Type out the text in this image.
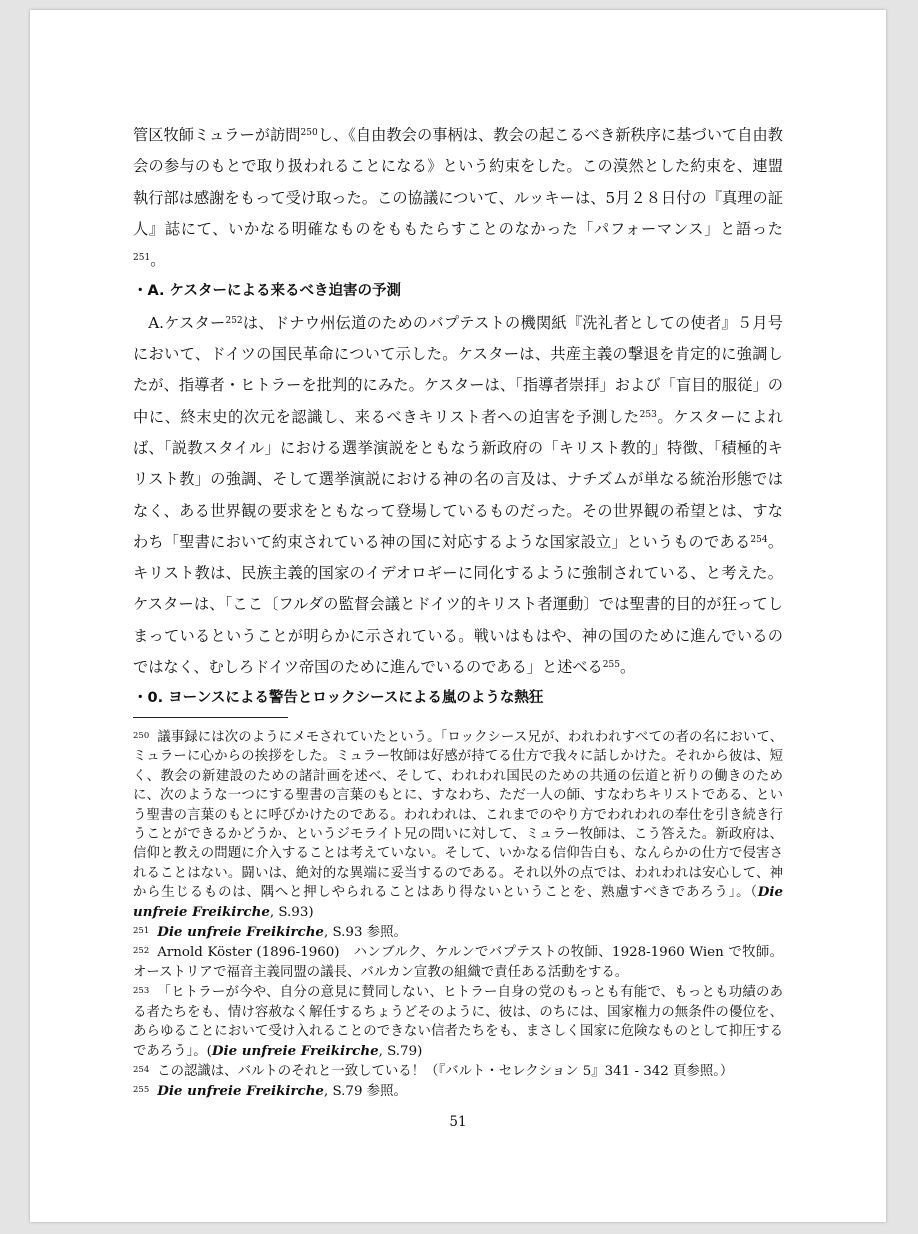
管区牧師ミュラーが訪問$^{250}$し、《自由教会の事柄は、教会の起こるべき新秩序に基づいて自由教会の参与のもとで取り扱われることになる》という約束をした。この漠然とした約束を、連盟執行部は感謝をもって受け取った。この協議について、ルッキーは、5月２８日付の『真理の証人』誌にて、いかなる明確なものをももたらすことのなかった「パフォーマンス」と語った$^{251}$。

・A. ケスターによる来るべき迫害の予測

A.ケスター$^{252}$は、ドナウ州伝道のためのバプテストの機関紙『洗礼者としての使者』５月号において、ドイツの国民革命について示した。ケスターは、共産主義の撃退を肯定的に強調したが、指導者・ヒトラーを批判的にみた。ケスターは、「指導者崇拝」および「盲目的服従」の中に、終末史的次元を認識し、来るべきキリスト者への迫害を予測した$^{253}$。ケスターによれば、「説教スタイル」における選挙演説をともなう新政府の「キリスト教的」特徴、「積極的キリスト教」の強調、そして選挙演説における神の名の言及は、ナチズムが単なる統治形態ではなく、ある世界観の要求をともなって登場しているものだった。その世界観の希望とは、すなわち「聖書において約束されている神の国に対応するような国家設立」というものである$^{254}$。キリスト教は、民族主義的国家のイデオロギーに同化するように強制されている、と考えた。ケスターは、「ここ〔フルダの監督会議とドイツ的キリスト者運動〕では聖書的目的が狂ってしまっているということが明らかに示されている。戦いはもはや、神の国のために進んでいるのではなく、むしろドイツ帝国のために進んでいるのである」と述べる$^{255}$。

・0. ヨーンスによる警告とロックシースによる嵐のような熱狂

$^{250}$ 議事録には次のようにメモされていたという。「ロックシース兄が、われわれすべての者の名において、ミュラーに心からの挨拶をした。ミュラー牧師は好感が持てる仕方で我々に話しかけた。それから彼は、短く、教会の新建設のための諸計画を述べ、そして、われわれ国民のための共通の伝道と祈りの働きのために、次のような一つにする聖書の言葉のもとに、すなわち、ただ一人の師、すなわちキリストである、という聖書の言葉のもとに呼びかけたのである。われわれは、これまでのやり方でわれわれの奉仕を引き続き行うことができるかどうか、というジモライト兄の問いに対して、ミュラー牧師は、こう答えた。新政府は、信仰と教えの問題に介入することは考えていない。そして、いかなる信仰告白も、なんらかの仕方で侵害されることはない。闘いは、絶対的な異端に妥当するのである。それ以外の点では、われわれは安心して、神から生じるものは、隅へと押しやられることはあり得ないということを、熟慮すべきであろう」。（Die unfreie Freikirche, S.93)

$^{251}$ Die unfreie Freikirche, S.93 参照。

$^{252}$ Arnold Köster (1896-1960)　ハンブルク、ケルンでバプテストの牧師、1928-1960 Wien で牧師。オーストリアで福音主義同盟の議長、バルカン宣教の組織で責任ある活動をする。

$^{253}$ 「ヒトラーが今や、自分の意見に賛同しない、ヒトラー自身の党のもっとも有能で、もっとも功績のある者たちをも、情け容赦なく解任するちょうどそのように、彼は、のちには、国家権力の無条件の優位を、あらゆることにおいて受け入れることのできない信者たちをも、まさしく国家に危険なものとして抑圧するであろう」。(Die unfreie Freikirche, S.79)

$^{254}$ この認識は、バルトのそれと一致している！（『バルト・セレクション 5』341 - 342 頁参照。）

$^{255}$ Die unfreie Freikirche, S.79 参照。

51
